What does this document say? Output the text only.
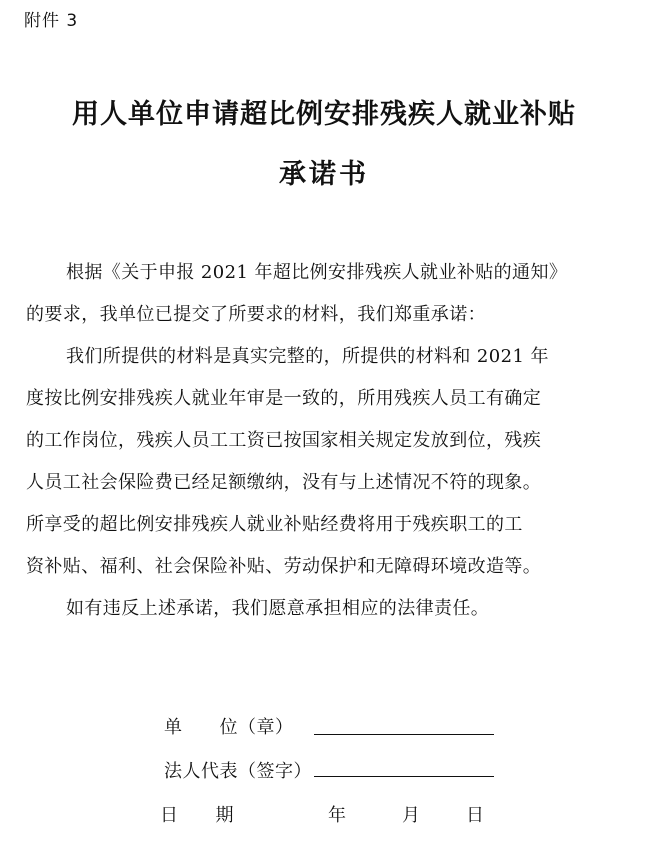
附件 3
用人单位申请超比例安排残疾人就业补贴
承诺书
根据《关于申报 2021 年超比例安排残疾人就业补贴的通知》
的要求，我单位已提交了所要求的材料，我们郑重承诺：
我们所提供的材料是真实完整的，所提供的材料和 2021 年
度按比例安排残疾人就业年审是一致的，所用残疾人员工有确定
的工作岗位，残疾人员工工资已按国家相关规定发放到位，残疾
人员工社会保险费已经足额缴纳，没有与上述情况不符的现象。
所享受的超比例安排残疾人就业补贴经费将用于残疾职工的工
资补贴、福利、社会保险补贴、劳动保护和无障碍环境改造等。
如有违反上述承诺，我们愿意承担相应的法律责任。
单　　位（章）
法人代表（签字）
日　　期	年	月	日
